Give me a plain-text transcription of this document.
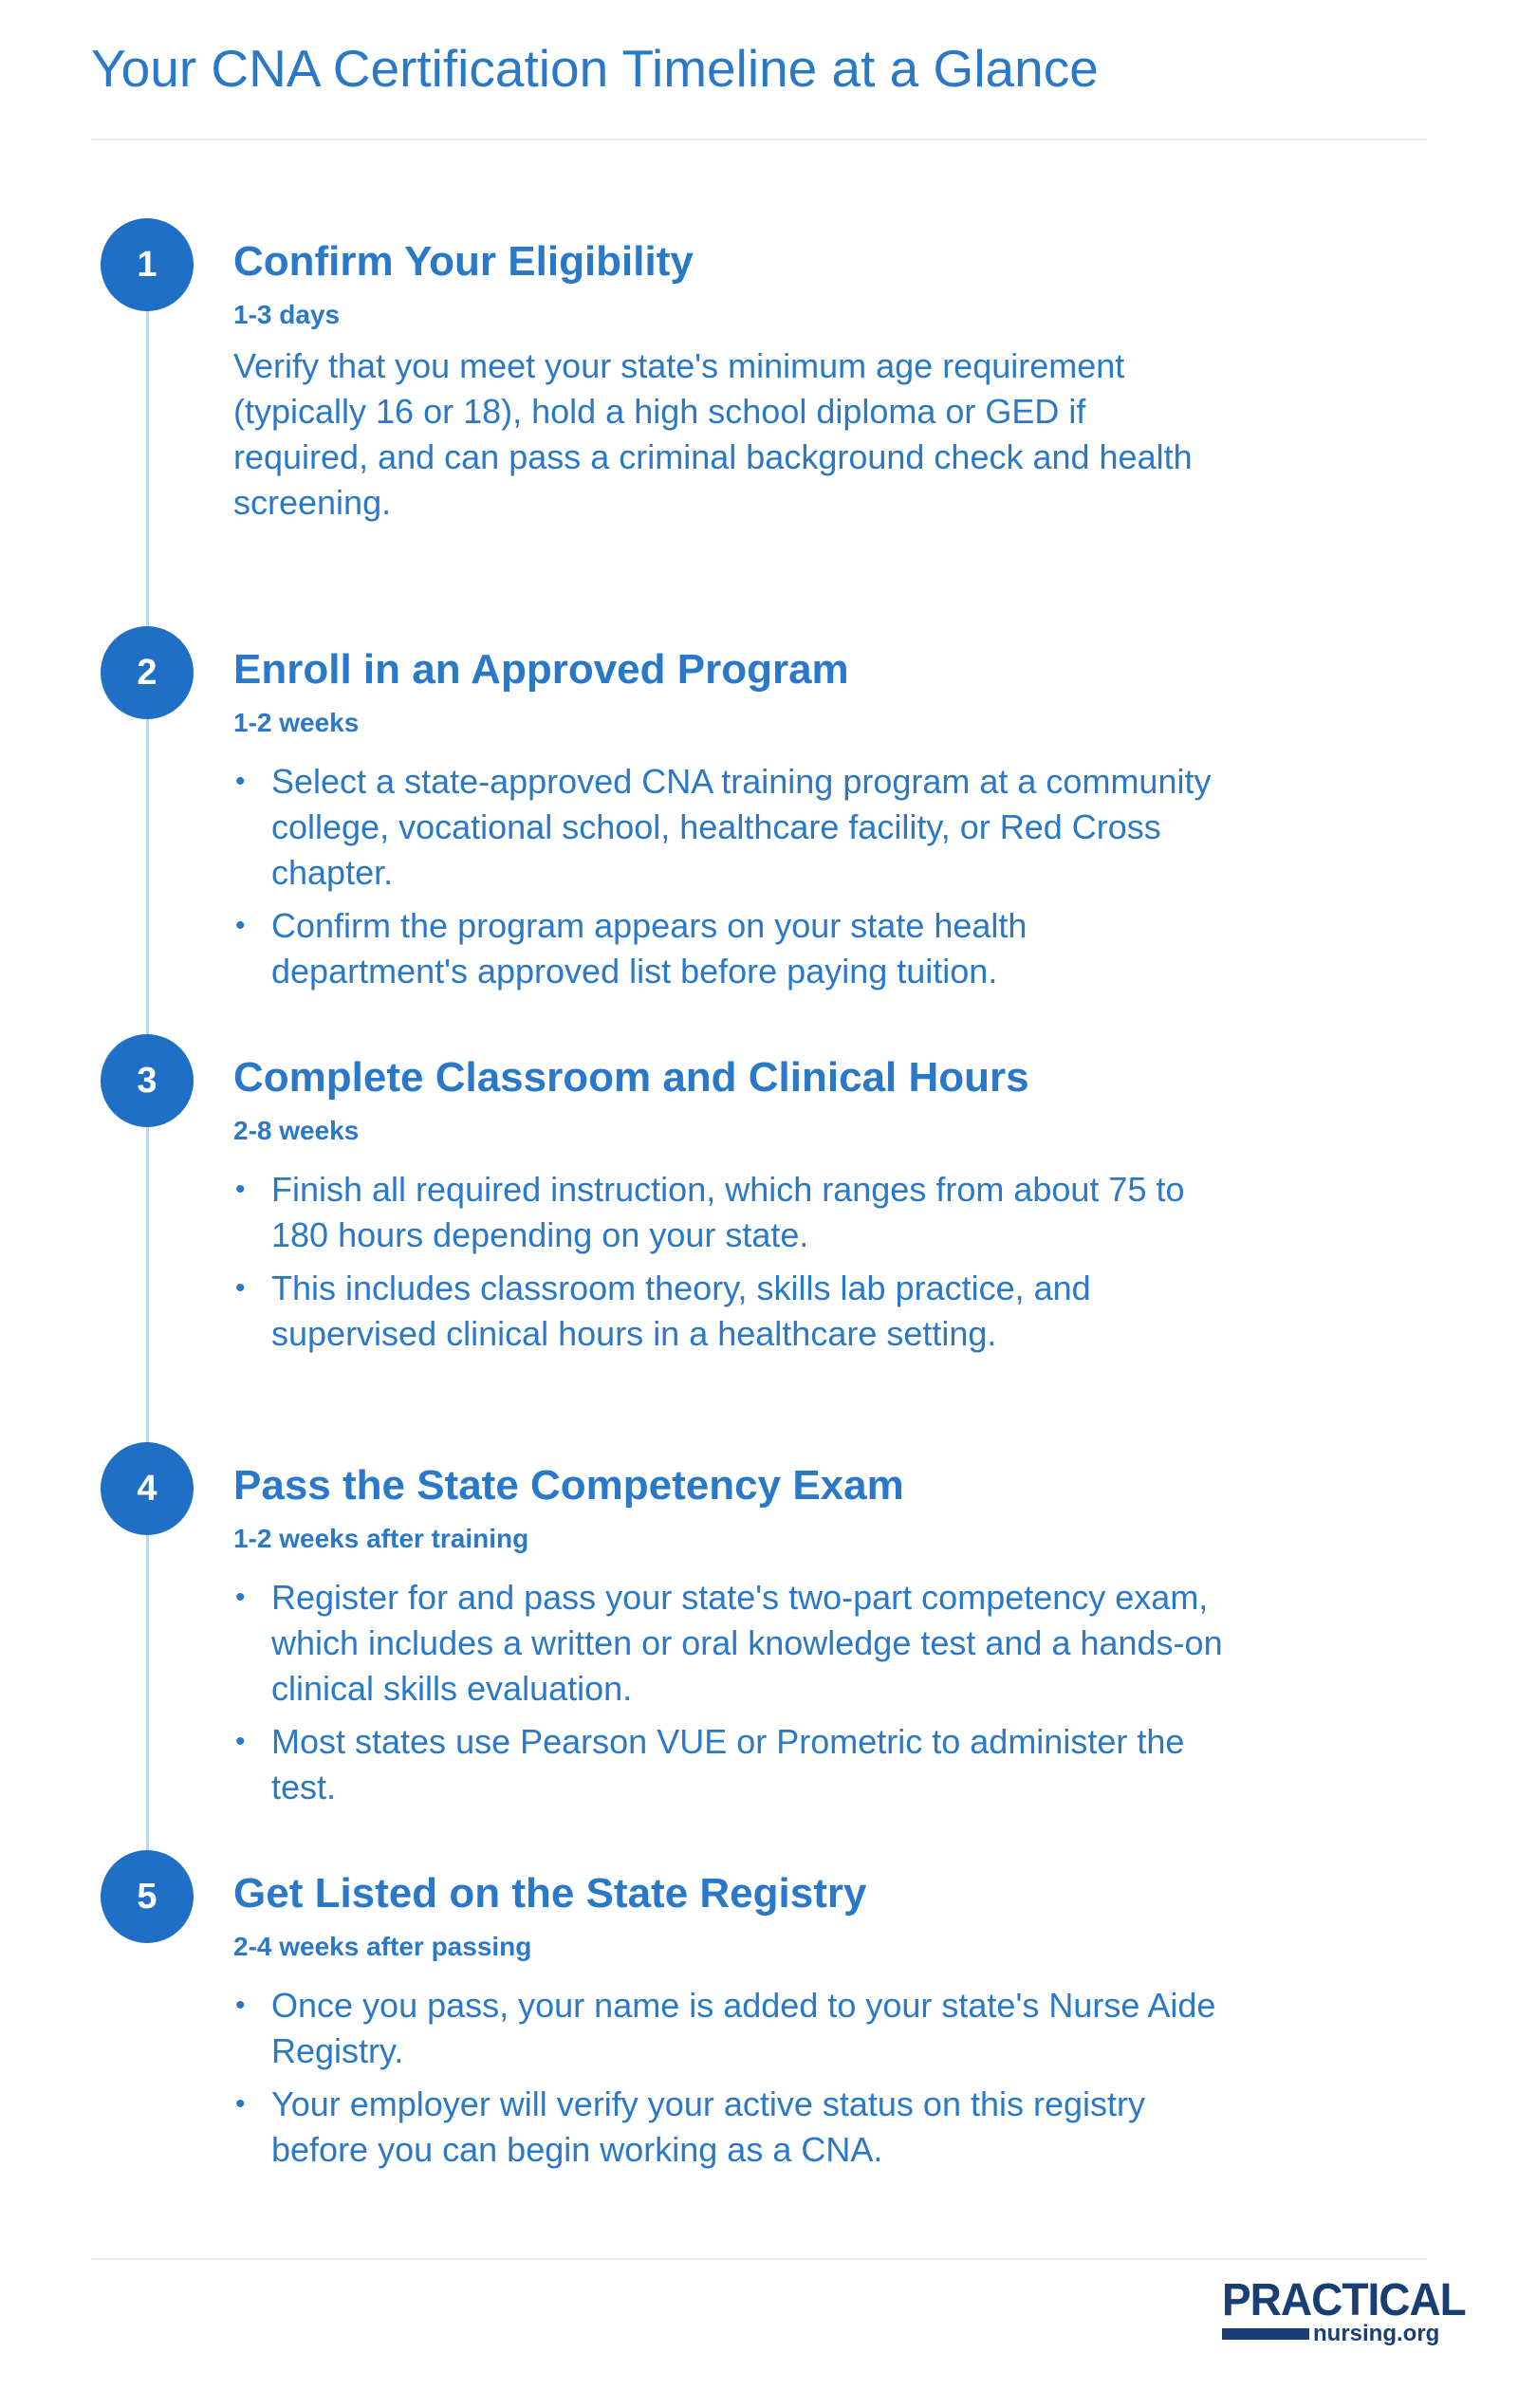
Your CNA Certification Timeline at a Glance
1	Confirm Your Eligibility
1-3 days
Verify that you meet your state's minimum age requirement (typically 16 or 18), hold a high school diploma or GED if required, and can pass a criminal background check and health screening.
2	Enroll in an Approved Program
1-2 weeks
• Select a state-approved CNA training program at a community college, vocational school, healthcare facility, or Red Cross chapter.
• Confirm the program appears on your state health department's approved list before paying tuition.
3	Complete Classroom and Clinical Hours
2-8 weeks
• Finish all required instruction, which ranges from about 75 to 180 hours depending on your state.
• This includes classroom theory, skills lab practice, and supervised clinical hours in a healthcare setting.
4	Pass the State Competency Exam
1-2 weeks after training
• Register for and pass your state's two-part competency exam, which includes a written or oral knowledge test and a hands-on clinical skills evaluation.
• Most states use Pearson VUE or Prometric to administer the test.
5	Get Listed on the State Registry
2-4 weeks after passing
• Once you pass, your name is added to your state's Nurse Aide Registry.
• Your employer will verify your active status on this registry before you can begin working as a CNA.
PRACTICAL
nursing.org
